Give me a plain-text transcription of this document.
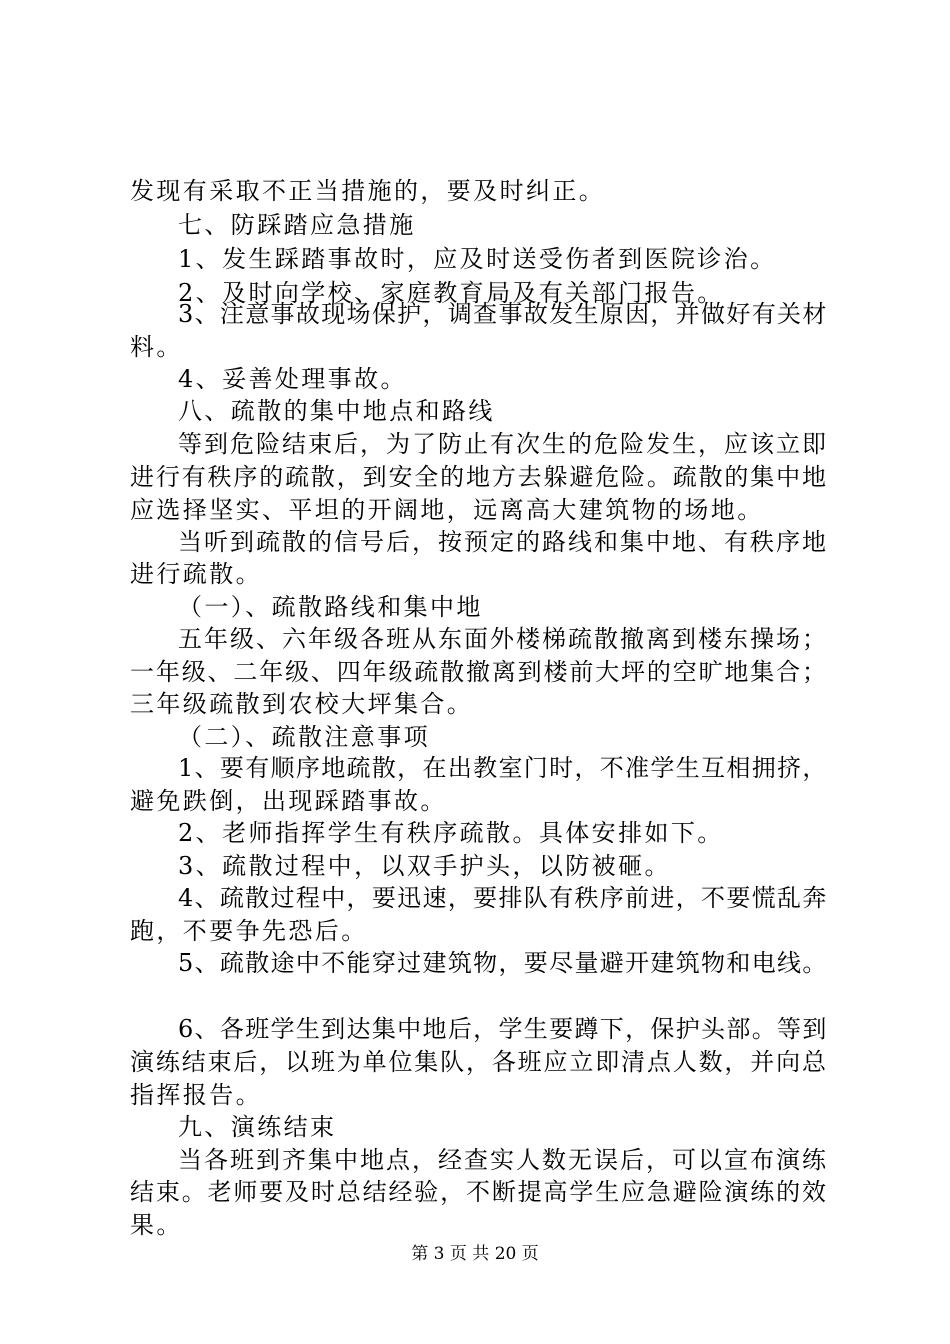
发现有采取不正当措施的，要及时纠正。
七、防踩踏应急措施
1、发生踩踏事故时，应及时送受伤者到医院诊治。
2、及时向学校、家庭教育局及有关部门报告。
3、注意事故现场保护，调查事故发生原因，并做好有关材
料。
4、妥善处理事故。
八、疏散的集中地点和路线
等到危险结束后，为了防止有次生的危险发生，应该立即
进行有秩序的疏散，到安全的地方去躲避危险。疏散的集中地
应选择坚实、平坦的开阔地，远离高大建筑物的场地。
当听到疏散的信号后，按预定的路线和集中地、有秩序地
进行疏散。
（一）、疏散路线和集中地
五年级、六年级各班从东面外楼梯疏散撤离到楼东操场；
一年级、二年级、四年级疏散撤离到楼前大坪的空旷地集合；
三年级疏散到农校大坪集合。
（二）、疏散注意事项
1、要有顺序地疏散，在出教室门时，不准学生互相拥挤，
避免跌倒，出现踩踏事故。
2、老师指挥学生有秩序疏散。具体安排如下。
3、疏散过程中，以双手护头，以防被砸。
4、疏散过程中，要迅速，要排队有秩序前进，不要慌乱奔
跑，不要争先恐后。
5、疏散途中不能穿过建筑物，要尽量避开建筑物和电线。
6、各班学生到达集中地后，学生要蹲下，保护头部。等到
演练结束后，以班为单位集队，各班应立即清点人数，并向总
指挥报告。
九、演练结束
当各班到齐集中地点，经查实人数无误后，可以宣布演练
结束。老师要及时总结经验，不断提高学生应急避险演练的效
果。
第 3 页 共 20 页
